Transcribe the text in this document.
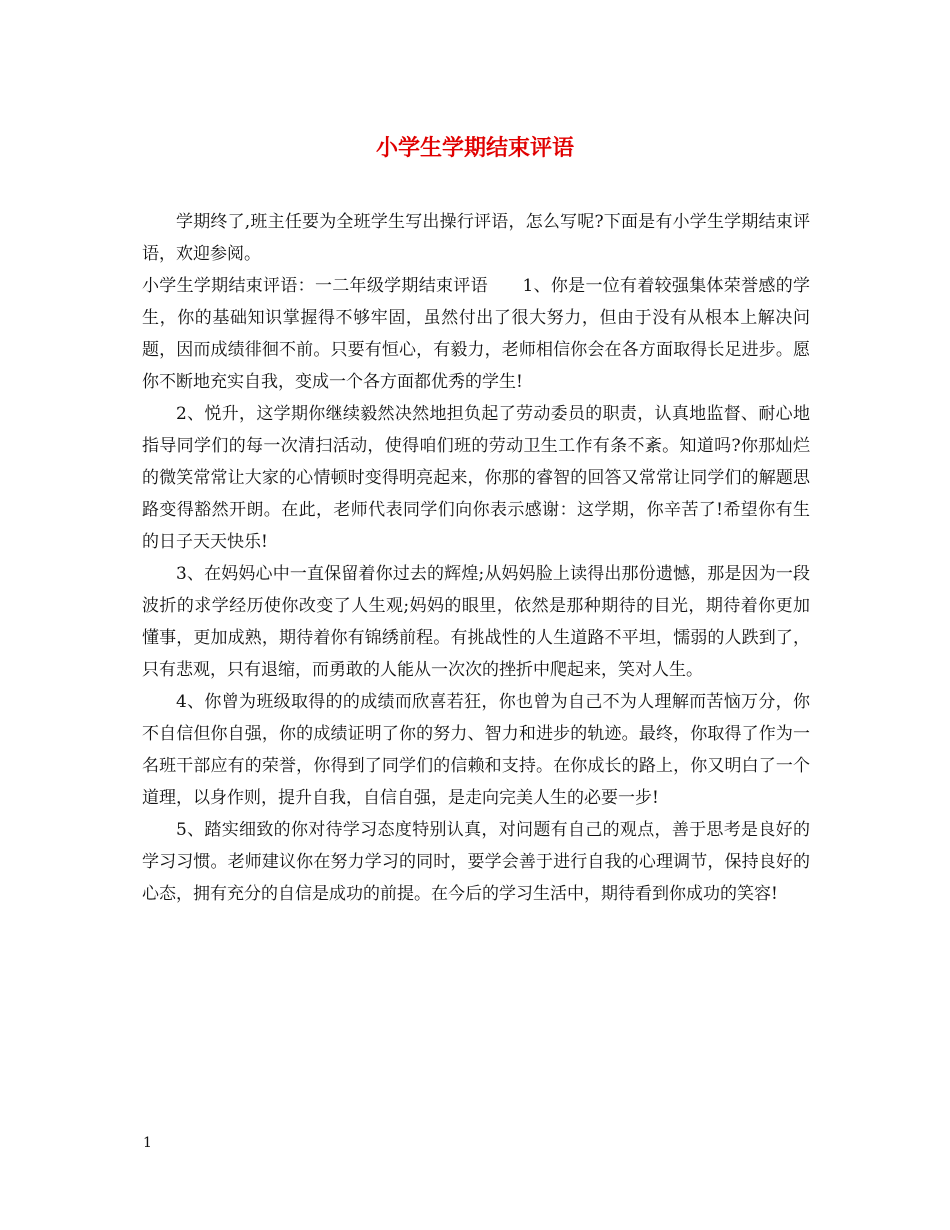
小学生学期结束评语

学期终了,班主任要为全班学生写出操行评语，怎么写呢?下面是有小学生学期结束评语，欢迎参阅。

小学生学期结束评语：一二年级学期结束评语　　1、你是一位有着较强集体荣誉感的学生，你的基础知识掌握得不够牢固，虽然付出了很大努力，但由于没有从根本上解决问题，因而成绩徘徊不前。只要有恒心，有毅力，老师相信你会在各方面取得长足进步。愿你不断地充实自我，变成一个各方面都优秀的学生!

2、悦升，这学期你继续毅然决然地担负起了劳动委员的职责，认真地监督、耐心地指导同学们的每一次清扫活动，使得咱们班的劳动卫生工作有条不紊。知道吗?你那灿烂的微笑常常让大家的心情顿时变得明亮起来，你那的睿智的回答又常常让同学们的解题思路变得豁然开朗。在此，老师代表同学们向你表示感谢：这学期，你辛苦了!希望你有生的日子天天快乐!

3、在妈妈心中一直保留着你过去的辉煌;从妈妈脸上读得出那份遗憾，那是因为一段波折的求学经历使你改变了人生观;妈妈的眼里，依然是那种期待的目光，期待着你更加懂事，更加成熟，期待着你有锦绣前程。有挑战性的人生道路不平坦，懦弱的人跌到了，只有悲观，只有退缩，而勇敢的人能从一次次的挫折中爬起来，笑对人生。

4、你曾为班级取得的的成绩而欣喜若狂，你也曾为自己不为人理解而苦恼万分，你不自信但你自强，你的成绩证明了你的努力、智力和进步的轨迹。最终，你取得了作为一名班干部应有的荣誉，你得到了同学们的信赖和支持。在你成长的路上，你又明白了一个道理，以身作则，提升自我，自信自强，是走向完美人生的必要一步!

5、踏实细致的你对待学习态度特别认真，对问题有自己的观点，善于思考是良好的学习习惯。老师建议你在努力学习的同时，要学会善于进行自我的心理调节，保持良好的心态，拥有充分的自信是成功的前提。在今后的学习生活中，期待看到你成功的笑容!

1
